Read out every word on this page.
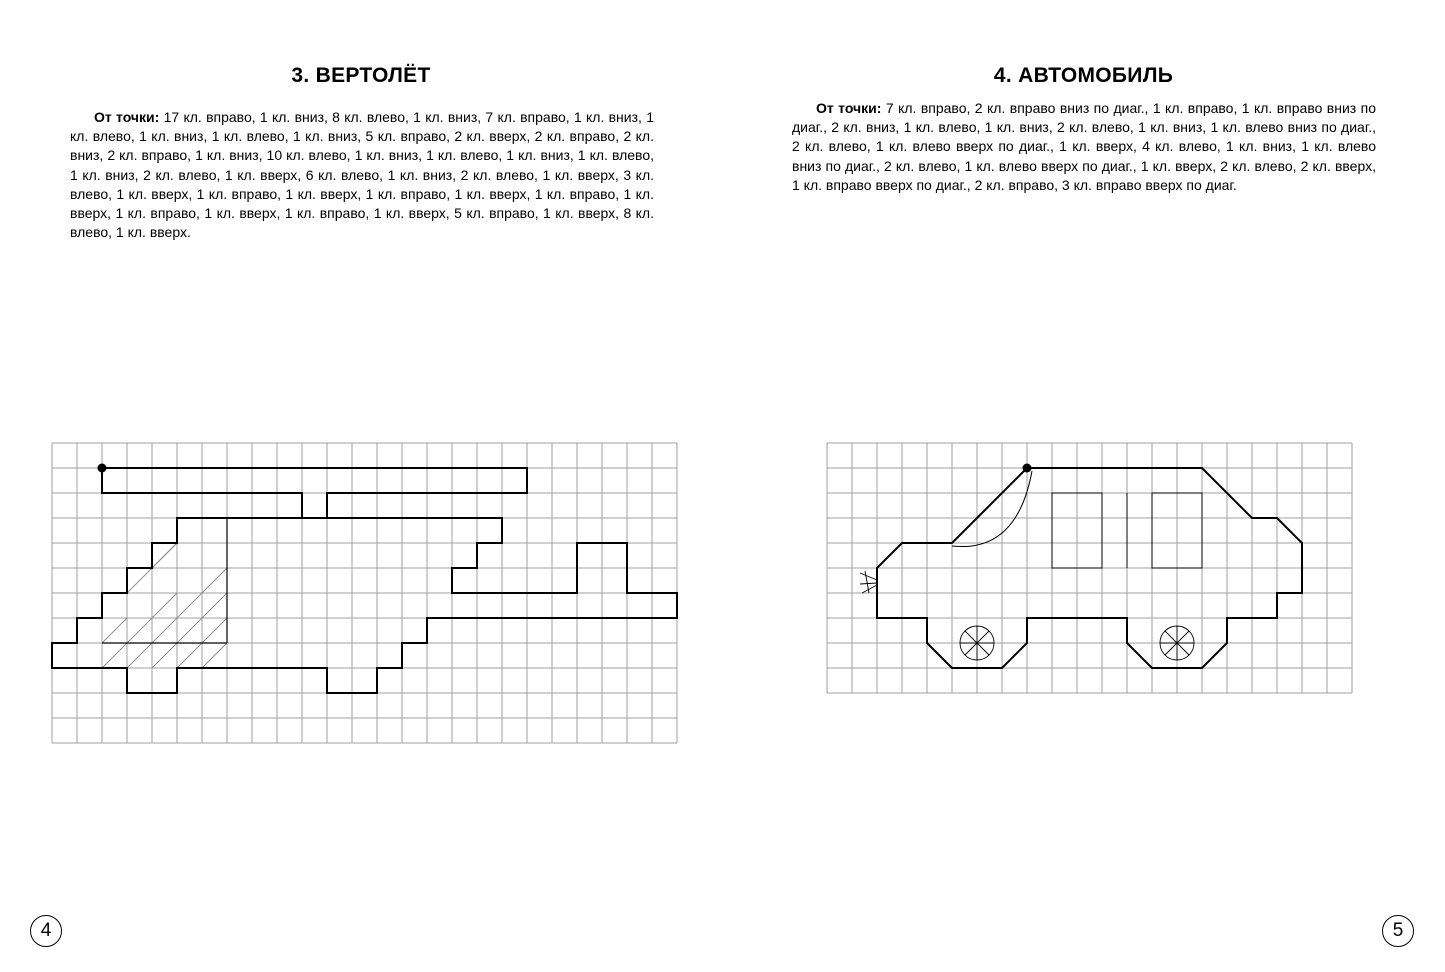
3. ВЕРТОЛЁТ
От точки: 17 кл. вправо, 1 кл. вниз, 8 кл. влево, 1 кл. вниз, 7 кл. вправо, 1 кл. вниз, 1 кл. влево, 1 кл. вниз, 1 кл. влево, 1 кл. вниз, 5 кл. вправо, 2 кл. вверх, 2 кл. вправо, 2 кл. вниз, 2 кл. вправо, 1 кл. вниз, 10 кл. влево, 1 кл. вниз, 1 кл. влево, 1 кл. вниз, 1 кл. влево, 1 кл. вниз, 2 кл. влево, 1 кл. вверх, 6 кл. влево, 1 кл. вниз, 2 кл. влево, 1 кл. вверх, 3 кл. влево, 1 кл. вверх, 1 кл. вправо, 1 кл. вверх, 1 кл. вправо, 1 кл. вверх, 1 кл. вправо, 1 кл. вверх, 1 кл. вправо, 1 кл. вверх, 1 кл. вправо, 1 кл. вверх, 5 кл. вправо, 1 кл. вверх, 8 кл. влево, 1 кл. вверх.
4
4. АВТОМОБИЛЬ
От точки: 7 кл. вправо, 2 кл. вправо вниз по диаг., 1 кл. вправо, 1 кл. вправо вниз по диаг., 2 кл. вниз, 1 кл. влево, 1 кл. вниз, 2 кл. влево, 1 кл. вниз, 1 кл. влево вниз по диаг., 2 кл. влево, 1 кл. влево вверх по диаг., 1 кл. вверх, 4 кл. влево, 1 кл. вниз, 1 кл. влево вниз по диаг., 2 кл. влево, 1 кл. влево вверх по диаг., 1 кл. вверх, 2 кл. влево, 2 кл. вверх, 1 кл. вправо вверх по диаг., 2 кл. вправо, 3 кл. вправо вверх по диаг.
5
